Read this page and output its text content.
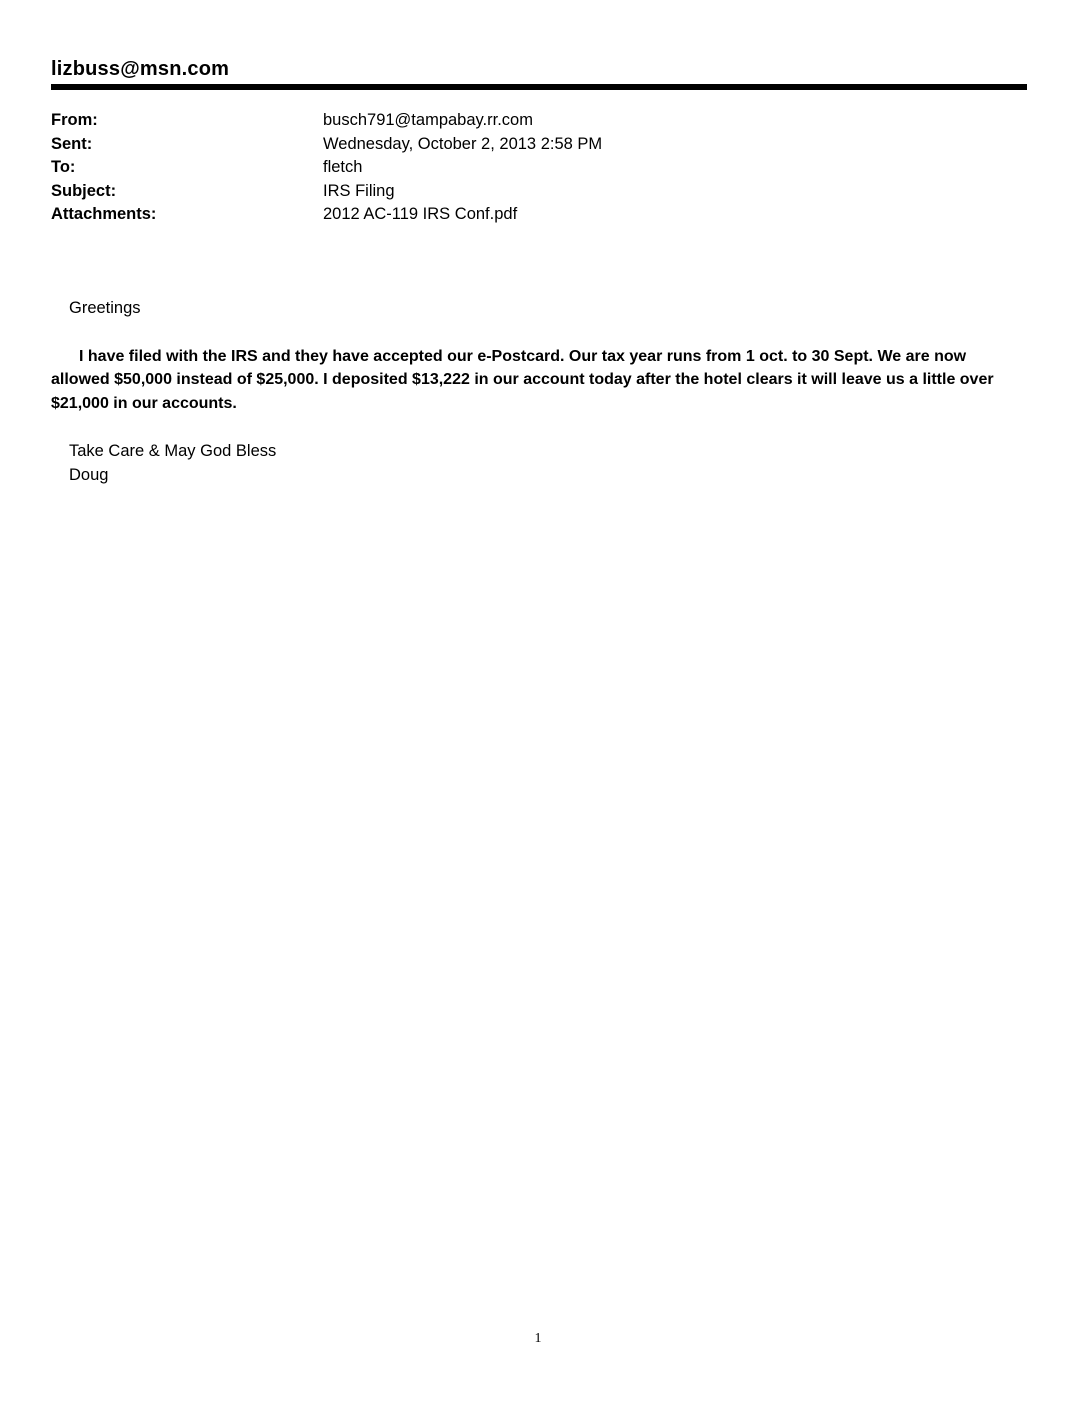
lizbuss@msn.com
From:	busch791@tampabay.rr.com
Sent:	Wednesday, October 2, 2013 2:58 PM
To:	fletch
Subject:	IRS Filing
Attachments:	2012 AC-119 IRS Conf.pdf

Greetings

I have filed with the IRS and they have accepted our e-Postcard. Our tax year runs from 1 oct. to 30 Sept. We are now allowed $50,000 instead of $25,000. I deposited $13,222 in our account today after the hotel clears it will leave us a little over $21,000 in our accounts.

Take Care & May God Bless

Doug

1
